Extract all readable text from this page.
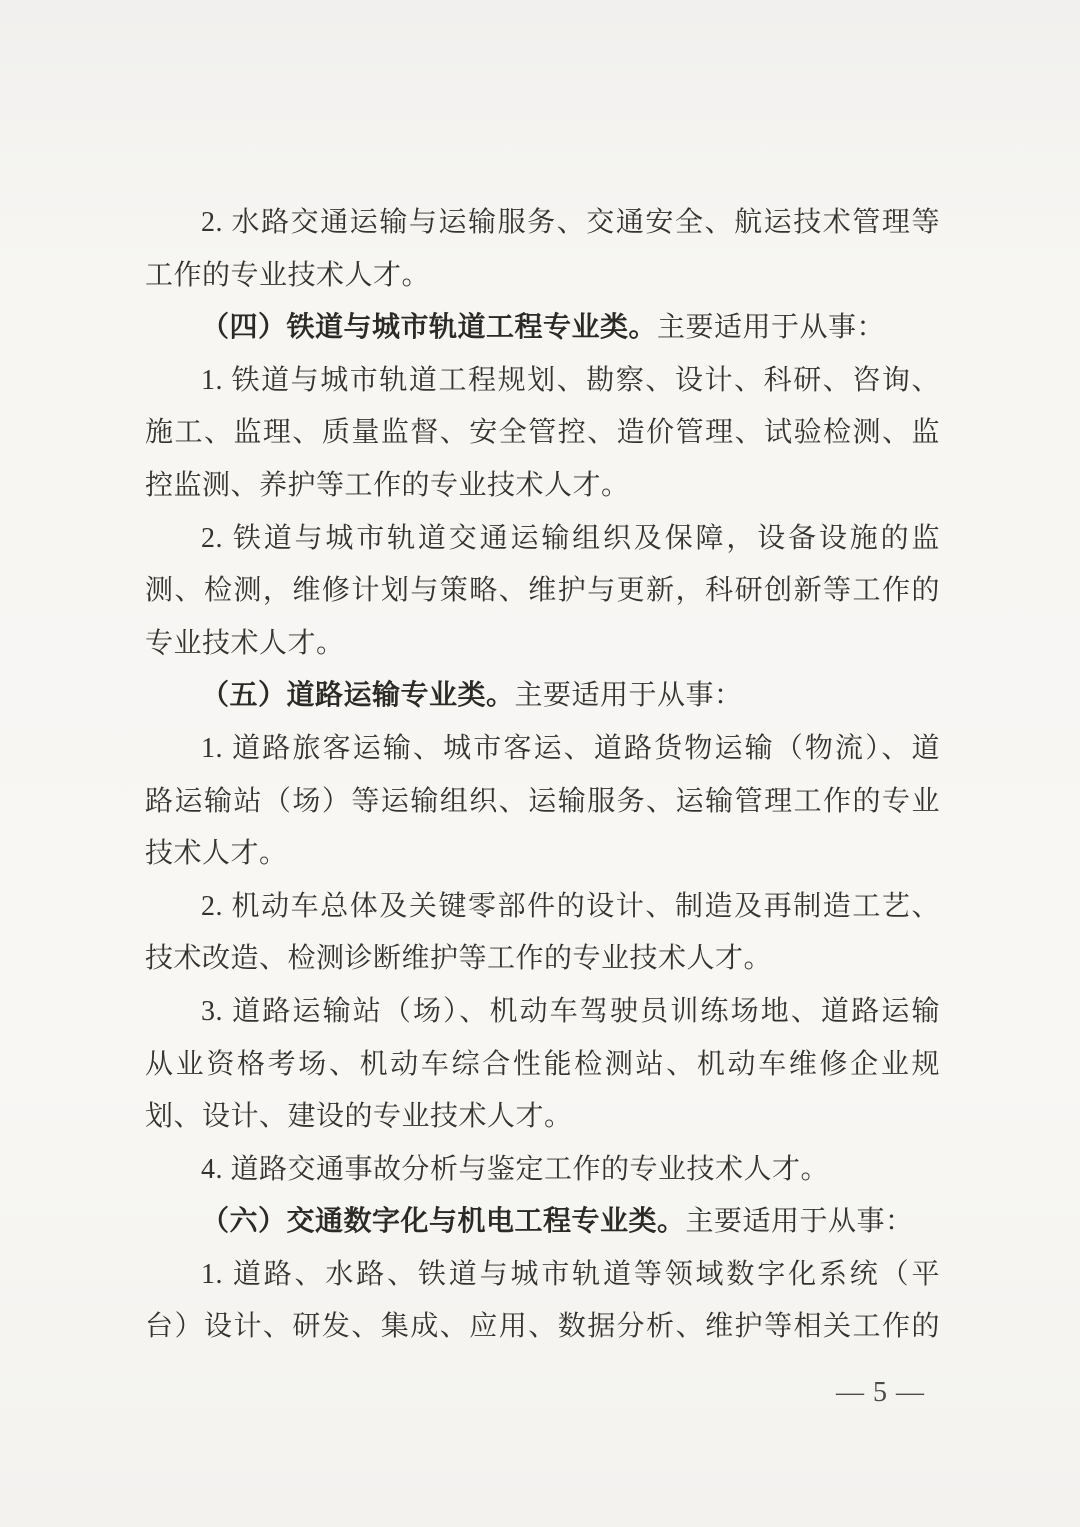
2. 水路交通运输与运输服务、交通安全、航运技术管理等
工作的专业技术人才。
（四）铁道与城市轨道工程专业类。主要适用于从事：
1. 铁道与城市轨道工程规划、勘察、设计、科研、咨询、
施工、监理、质量监督、安全管控、造价管理、试验检测、监
控监测、养护等工作的专业技术人才。
2. 铁道与城市轨道交通运输组织及保障，设备设施的监
测、检测，维修计划与策略、维护与更新，科研创新等工作的
专业技术人才。
（五）道路运输专业类。主要适用于从事：
1. 道路旅客运输、城市客运、道路货物运输（物流）、道
路运输站（场）等运输组织、运输服务、运输管理工作的专业
技术人才。
2. 机动车总体及关键零部件的设计、制造及再制造工艺、
技术改造、检测诊断维护等工作的专业技术人才。
3. 道路运输站（场）、机动车驾驶员训练场地、道路运输
从业资格考场、机动车综合性能检测站、机动车维修企业规
划、设计、建设的专业技术人才。
4. 道路交通事故分析与鉴定工作的专业技术人才。
（六）交通数字化与机电工程专业类。主要适用于从事：
1. 道路、水路、铁道与城市轨道等领域数字化系统（平
台）设计、研发、集成、应用、数据分析、维护等相关工作的
— 5 —
